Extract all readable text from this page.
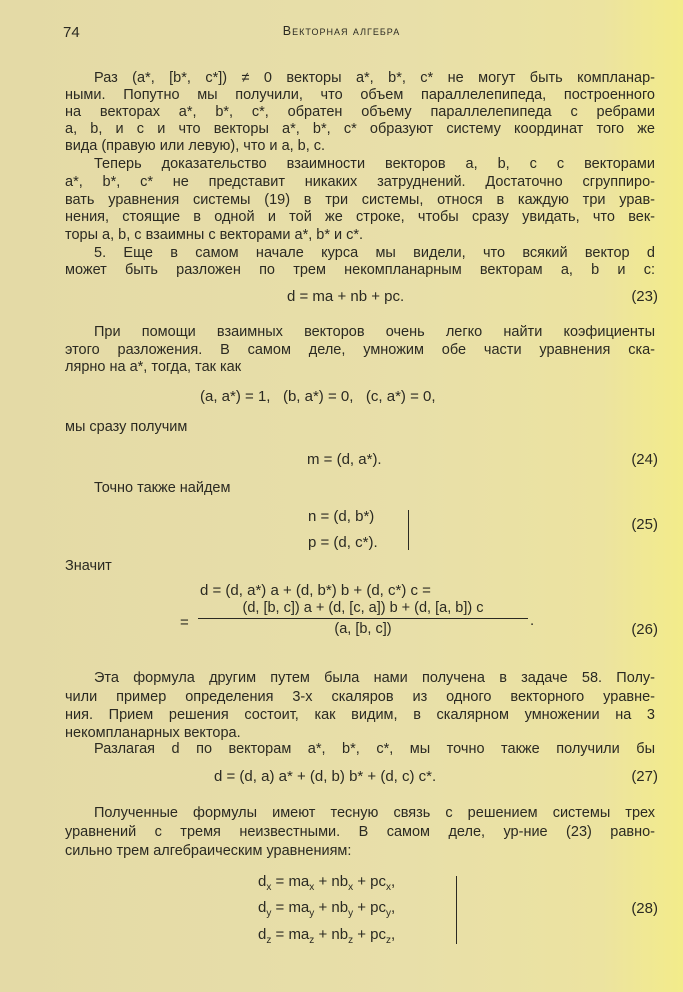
74	Векторная алгебра
Раз (a*, [b*, c*]) ≠ 0 векторы a*, b*, c* не могут быть компланар-
ными. Попутно мы получили, что объем параллелепипеда, построенного
на векторах a*, b*, c*, обратен объему параллелепипеда с ребрами
a, b, и c и что векторы a*, b*, c* образуют систему координат того же
вида (правую или левую), что и a, b, c.
Теперь доказательство взаимности векторов a, b, c с векторами
a*, b*, c* не представит никаких затруднений. Достаточно сгруппиро-
вать уравнения системы (19) в три системы, относя в каждую три урав-
нения, стоящие в одной и той же строке, чтобы сразу увидать, что век-
торы a, b, c взаимны с векторами a*, b* и c*.
5. Еще в самом начале курса мы видели, что всякий вектор d
может быть разложен по трем некомпланарным векторам a, b и c:
d = ma + nb + pc.	(23)
При помощи взаимных векторов очень легко найти коэфициенты
этого разложения. В самом деле, умножим обе части уравнения ска-
лярно на a*, тогда, так как
(a, a*) = 1,   (b, a*) = 0,   (c, a*) = 0,
мы сразу получим
m = (d, a*).	(24)
Точно также найдем
n = (d, b*)
p = (d, c*).
(25)
Значит
d = (d, a*) a + (d, b*) b + (d, c*) c =
= $\frac{(d, [b, c]) a + (d, [c, a]) b + (d, [a, b]) c}{(a, [b, c])}$ .
(26)
Эта формула другим путем была нами получена в задаче 58. Полу-
чили пример определения 3-х скаляров из одного векторного уравне-
ния. Прием решения состоит, как видим, в скалярном умножении на 3
некомпланарных вектора.
Разлагая d по векторам a*, b*, c*, мы точно также получили бы
d = (d, a) a* + (d, b) b* + (d, c) c*.	(27)
Полученные формулы имеют тесную связь с решением системы трех
уравнений с тремя неизвестными. В самом деле, ур-ние (23) равно-
сильно трем алгебраическим уравнениям:
$d_x = ma_x + nb_x + pc_x$,
$d_y = ma_y + nb_y + pc_y$,
$d_z = ma_z + nb_z + pc_z$,
(28)
